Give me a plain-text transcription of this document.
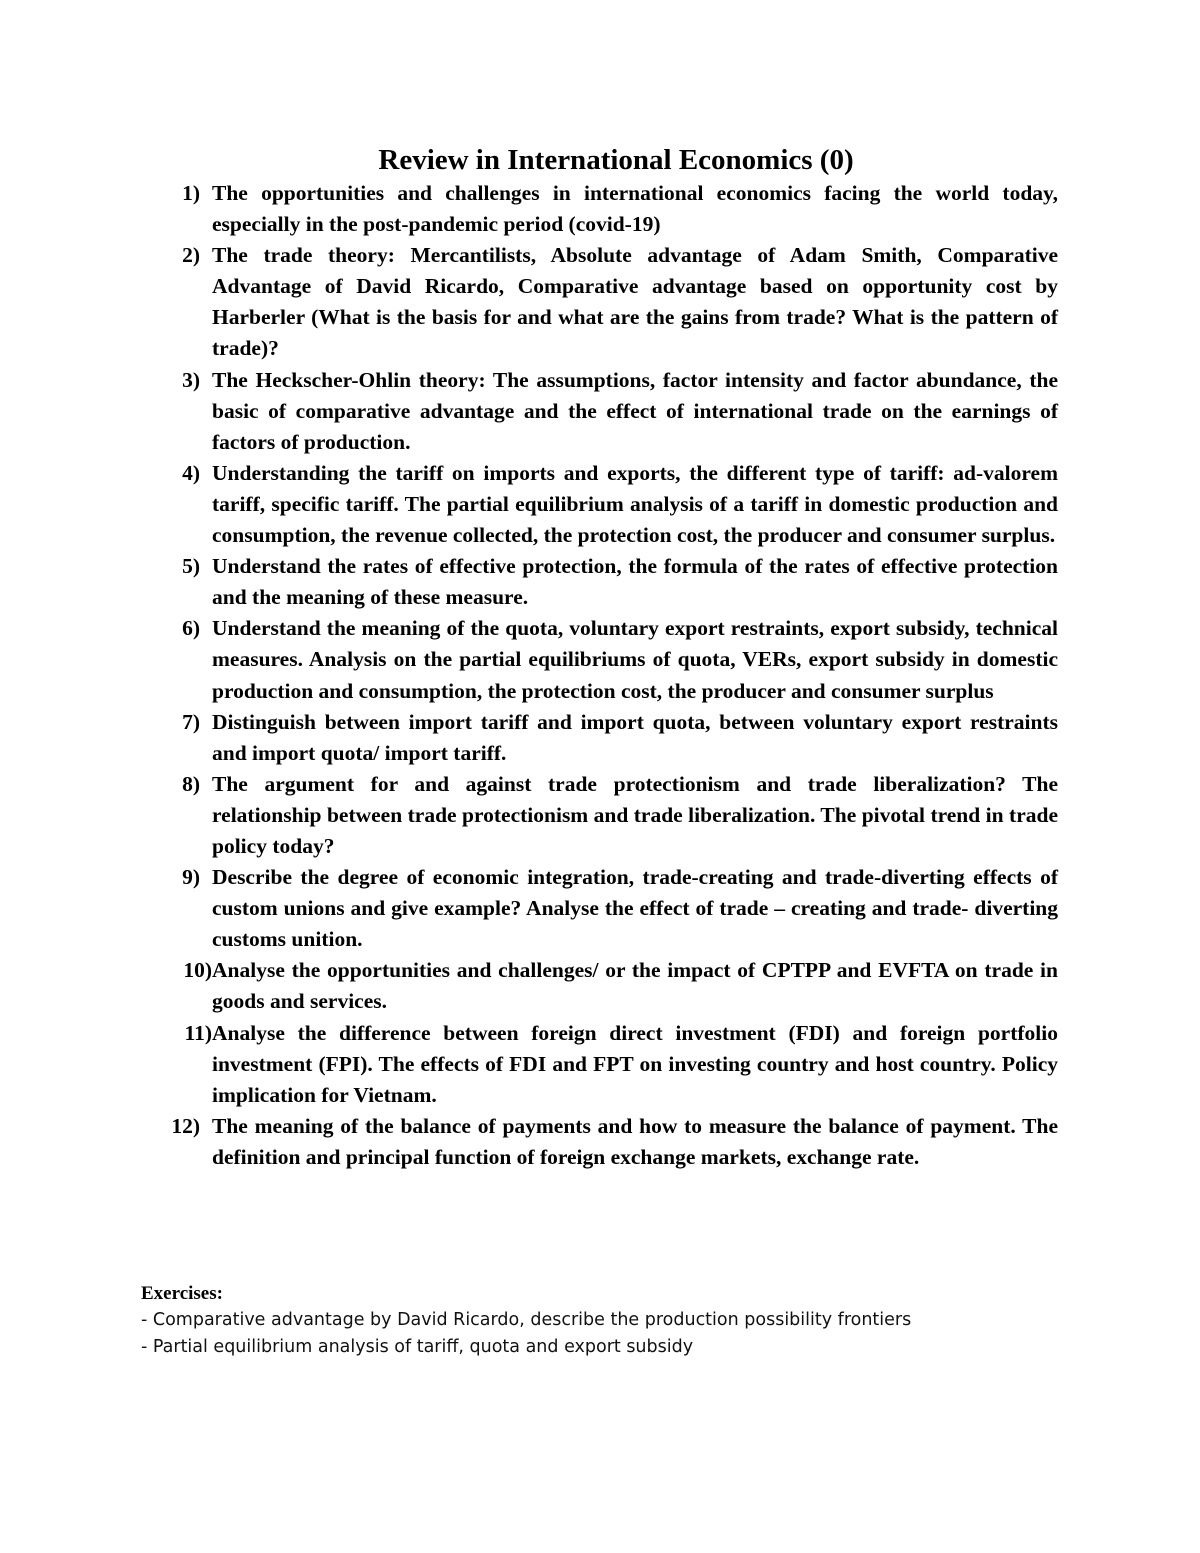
Review in International Economics (0)
1) The opportunities and challenges in international economics facing the world today, especially in the post-pandemic period (covid-19)
2) The trade theory: Mercantilists, Absolute advantage of Adam Smith, Comparative Advantage of David Ricardo, Comparative advantage based on opportunity cost by Harberler (What is the basis for and what are the gains from trade? What is the pattern of trade)?
3) The Heckscher-Ohlin theory: The assumptions, factor intensity and factor abundance, the basic of comparative advantage and the effect of international trade on the earnings of factors of production.
4) Understanding the tariff on imports and exports, the different type of tariff: ad-valorem tariff, specific tariff. The partial equilibrium analysis of a tariff in domestic production and consumption, the revenue collected, the protection cost, the producer and consumer surplus.
5) Understand the rates of effective protection, the formula of the rates of effective protection and the meaning of these measure.
6) Understand the meaning of the quota, voluntary export restraints, export subsidy, technical measures. Analysis on the partial equilibriums of quota, VERs, export subsidy in domestic production and consumption, the protection cost, the producer and consumer surplus
7) Distinguish between import tariff and import quota, between voluntary export restraints and import quota/ import tariff.
8) The argument for and against trade protectionism and trade liberalization? The relationship between trade protectionism and trade liberalization. The pivotal trend in trade policy today?
9) Describe the degree of economic integration, trade-creating and trade-diverting effects of custom unions and give example? Analyse the effect of trade – creating and trade- diverting customs unition.
10) Analyse the opportunities and challenges/ or the impact of CPTPP and EVFTA on trade in goods and services.
11) Analyse the difference between foreign direct investment (FDI) and foreign portfolio investment (FPI). The effects of FDI and FPT on investing country and host country. Policy implication for Vietnam.
12) The meaning of the balance of payments and how to measure the balance of payment. The definition and principal function of foreign exchange markets, exchange rate.

Exercises:

- Comparative advantage by David Ricardo, describe the production possibility frontiers
- Partial equilibrium analysis of tariff, quota and export subsidy
